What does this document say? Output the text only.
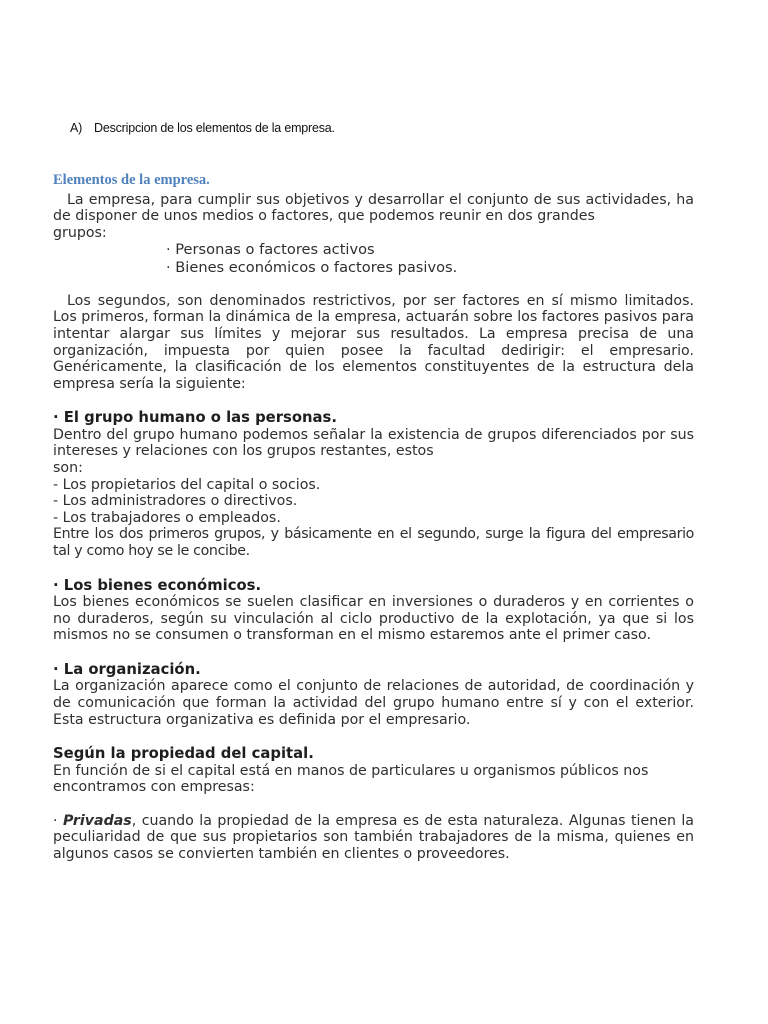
A) Descripcion de los elementos de la empresa.

Elementos de la empresa.

La empresa, para cumplir sus objetivos y desarrollar el conjunto de sus actividades, ha de disponer de unos medios o factores, que podemos reunir en dos grandes

grupos:

· Personas o factores activos

· Bienes económicos o factores pasivos.

Los segundos, son denominados restrictivos, por ser factores en sí mismo limitados. Los primeros, forman la dinámica de la empresa, actuarán sobre los factores pasivos para intentar alargar sus límites y mejorar sus resultados. La empresa precisa de una organización, impuesta por quien posee la facultad dedirigir: el empresario. Genéricamente, la clasificación de los elementos constituyentes de la estructura dela empresa sería la siguiente:

· El grupo humano o las personas.

Dentro del grupo humano podemos señalar la existencia de grupos diferenciados por sus intereses y relaciones con los grupos restantes, estos

son:

- Los propietarios del capital o socios.

- Los administradores o directivos.

- Los trabajadores o empleados.

Entre los dos primeros grupos, y básicamente en el segundo, surge la figura del empresario tal y como hoy se le concibe.

· Los bienes económicos.

Los bienes económicos se suelen clasificar en inversiones o duraderos y en corrientes o no duraderos, según su vinculación al ciclo productivo de la explotación, ya que si los mismos no se consumen o transforman en el mismo estaremos ante el primer caso.

· La organización.

La organización aparece como el conjunto de relaciones de autoridad, de coordinación y de comunicación que forman la actividad del grupo humano entre sí y con el exterior. Esta estructura organizativa es definida por el empresario.

Según la propiedad del capital.

En función de si el capital está en manos de particulares u organismos públicos nos encontramos con empresas:

· Privadas, cuando la propiedad de la empresa es de esta naturaleza. Algunas tienen la peculiaridad de que sus propietarios son también trabajadores de la misma, quienes en algunos casos se convierten también en clientes o proveedores.
